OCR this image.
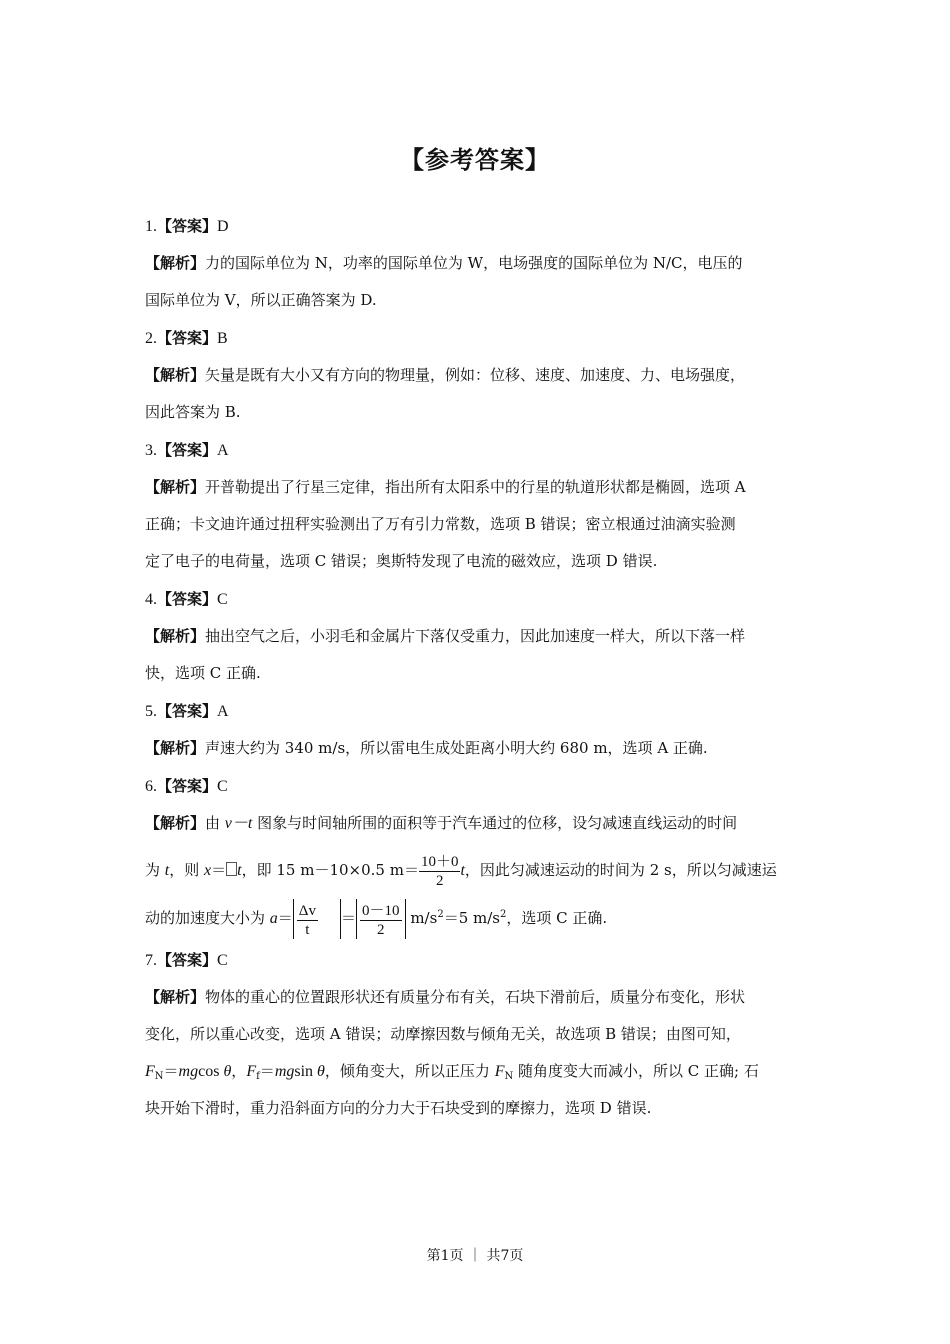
【参考答案】
1.【答案】D
【解析】力的国际单位为 N，功率的国际单位为 W，电场强度的国际单位为 N/C，电压的
国际单位为 V，所以正确答案为 D.
2.【答案】B
【解析】矢量是既有大小又有方向的物理量，例如：位移、速度、加速度、力、电场强度，
因此答案为 B.
3.【答案】A
【解析】开普勒提出了行星三定律，指出所有太阳系中的行星的轨道形状都是椭圆，选项 A
正确；卡文迪许通过扭秤实验测出了万有引力常数，选项 B 错误；密立根通过油滴实验测
定了电子的电荷量，选项 C 错误；奥斯特发现了电流的磁效应，选项 D 错误.
4.【答案】C
【解析】抽出空气之后，小羽毛和金属片下落仅受重力，因此加速度一样大，所以下落一样
快，选项 C 正确.
5.【答案】A
【解析】声速大约为 340 m/s，所以雷电生成处距离小明大约 680 m，选项 A 正确.
6.【答案】C
【解析】由 v－t 图象与时间轴所围的面积等于汽车通过的位移，设匀减速直线运动的时间
为 t，则 x＝ t，即 15 m－10×0.5 $m= \frac{10+0}{2}$ t，因此匀减速运动的时间为 2 s，所以匀减速运
动的加速度大小为 $a= \frac{\Delta v}{t} = \frac{0-10}{2} m/s^2=5$ $m/s^2$，选项 C 正确.
7.【答案】C
【解析】物体的重心的位置跟形状还有质量分布有关，石块下滑前后，质量分布变化，形状
变化，所以重心改变，选项 A 错误；动摩擦因数与倾角无关，故选项 B 错误；由图可知，
$F_N=mgcos$ θ，$F_f=mgsin$ θ，倾角变大，所以正压力 $F_N$ 随角度变大而减小，所以 C 正确; 石
块开始下滑时，重力沿斜面方向的分力大于石块受到的摩擦力，选项 D 错误.
第1页 ｜ 共7页
